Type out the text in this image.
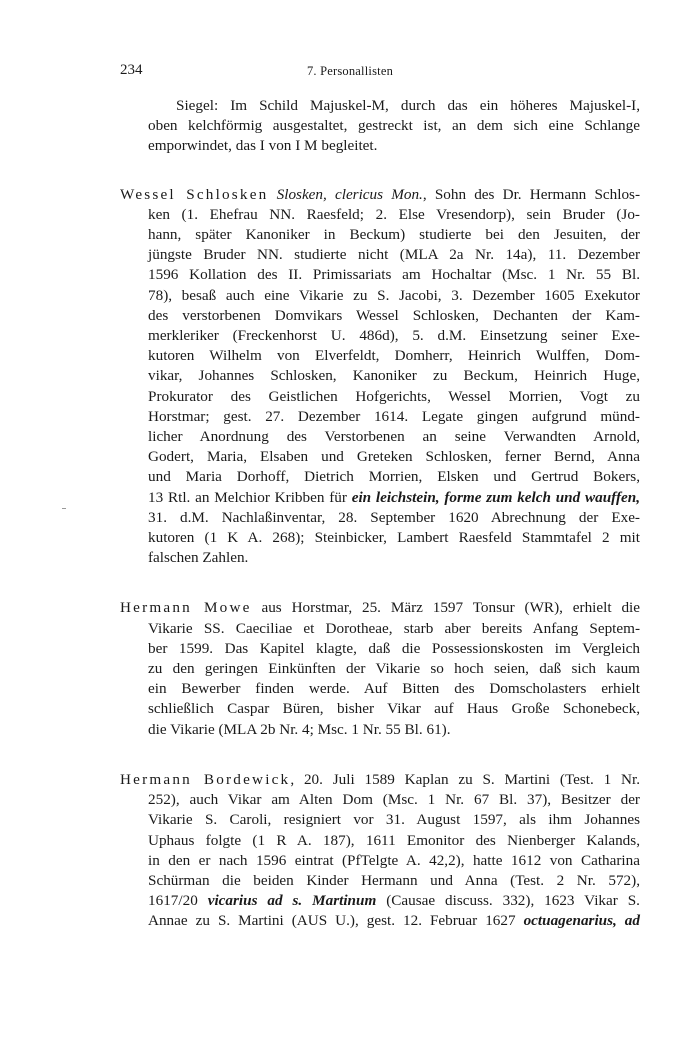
234	7. Personallisten

Siegel: Im Schild Majuskel-M, durch das ein höheres Majuskel-I,
oben kelchförmig ausgestaltet, gestreckt ist, an dem sich eine Schlange
emporwindet, das I von I M begleitet.

Wessel Schlosken Slosken, clericus Mon., Sohn des Dr. Hermann Schlos-
ken (1. Ehefrau NN. Raesfeld; 2. Else Vresendorp), sein Bruder (Jo-
hann, später Kanoniker in Beckum) studierte bei den Jesuiten, der
jüngste Bruder NN. studierte nicht (MLA 2a Nr. 14a), 11. Dezember
1596 Kollation des II. Primissariats am Hochaltar (Msc. 1 Nr. 55 Bl.
78), besaß auch eine Vikarie zu S. Jacobi, 3. Dezember 1605 Exekutor
des verstorbenen Domvikars Wessel Schlosken, Dechanten der Kam-
merkleriker (Freckenhorst U. 486d), 5. d.M. Einsetzung seiner Exe-
kutoren Wilhelm von Elverfeldt, Domherr, Heinrich Wulffen, Dom-
vikar, Johannes Schlosken, Kanoniker zu Beckum, Heinrich Huge,
Prokurator des Geistlichen Hofgerichts, Wessel Morrien, Vogt zu
Horstmar; gest. 27. Dezember 1614. Legate gingen aufgrund münd-
licher Anordnung des Verstorbenen an seine Verwandten Arnold,
Godert, Maria, Elsaben und Greteken Schlosken, ferner Bernd, Anna
und Maria Dorhoff, Dietrich Morrien, Elsken und Gertrud Bokers,
13 Rtl. an Melchior Kribben für ein leichstein, forme zum kelch und wauffen,
31. d.M. Nachlaßinventar, 28. September 1620 Abrechnung der Exe-
kutoren (1 K A. 268); Steinbicker, Lambert Raesfeld Stammtafel 2 mit
falschen Zahlen.

Hermann Mowe aus Horstmar, 25. März 1597 Tonsur (WR), erhielt die
Vikarie SS. Caeciliae et Dorotheae, starb aber bereits Anfang Septem-
ber 1599. Das Kapitel klagte, daß die Possessionskosten im Vergleich
zu den geringen Einkünften der Vikarie so hoch seien, daß sich kaum
ein Bewerber finden werde. Auf Bitten des Domscholasters erhielt
schließlich Caspar Büren, bisher Vikar auf Haus Große Schonebeck,
die Vikarie (MLA 2b Nr. 4; Msc. 1 Nr. 55 Bl. 61).

Hermann Bordewick, 20. Juli 1589 Kaplan zu S. Martini (Test. 1 Nr.
252), auch Vikar am Alten Dom (Msc. 1 Nr. 67 Bl. 37), Besitzer der
Vikarie S. Caroli, resigniert vor 31. August 1597, als ihm Johannes
Uphaus folgte (1 R A. 187), 1611 Emonitor des Nienberger Kalands,
in den er nach 1596 eintrat (PfTelgte A. 42,2), hatte 1612 von Catharina
Schürman die beiden Kinder Hermann und Anna (Test. 2 Nr. 572),
1617/20 vicarius ad s. Martinum (Causae discuss. 332), 1623 Vikar S.
Annae zu S. Martini (AUS U.), gest. 12. Februar 1627 octuagenarius, ad
